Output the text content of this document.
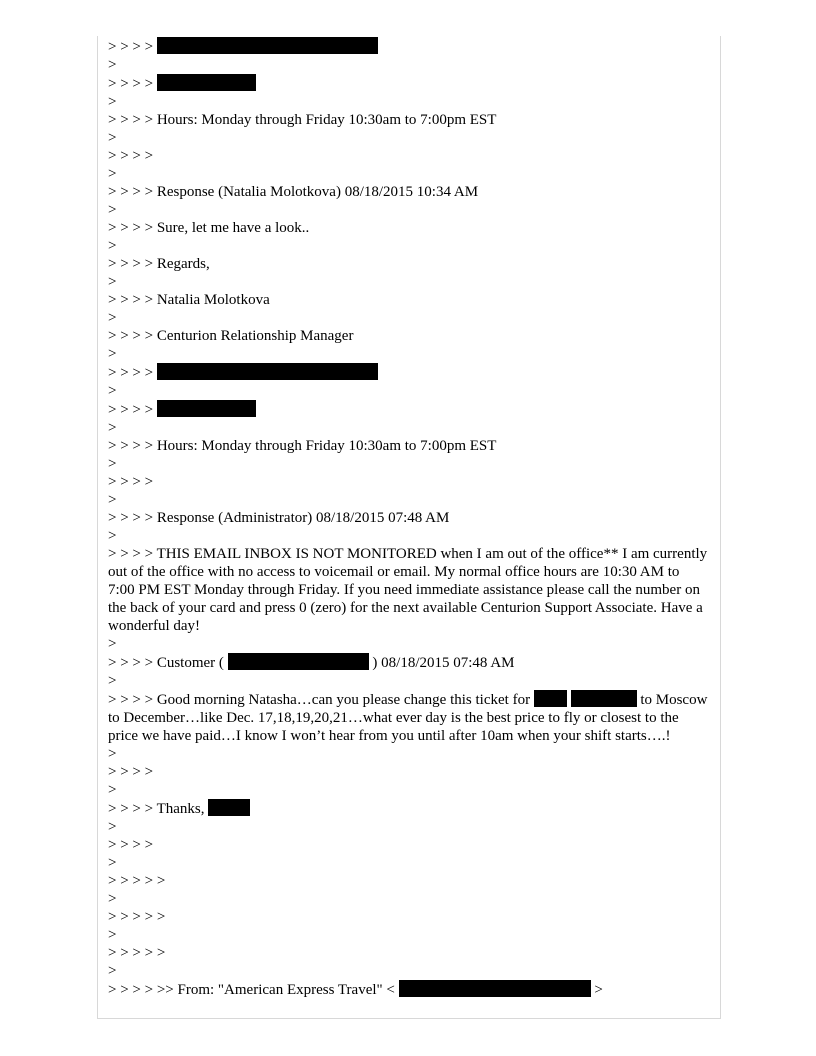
> > > >
>
> > > >
>
> > > > Hours: Monday through Friday 10:30am to 7:00pm EST
>
> > > >
>
> > > > Response (Natalia Molotkova) 08/18/2015 10:34 AM
>
> > > > Sure, let me have a look..
>
> > > > Regards,
>
> > > > Natalia Molotkova
>
> > > > Centurion Relationship Manager
>
> > > >
>
> > > >
>
> > > > Hours: Monday through Friday 10:30am to 7:00pm EST
>
> > > >
>
> > > > Response (Administrator) 08/18/2015 07:48 AM
>
> > > > THIS EMAIL INBOX IS NOT MONITORED when I am out of the office** I am currently out of the office with no access to voicemail or email. My normal office hours are 10:30 AM to 7:00 PM EST Monday through Friday. If you need immediate assistance please call the number on the back of your card and press 0 (zero) for the next available Centurion Support Associate. Have a wonderful day!
>
> > > > Customer (	) 08/18/2015 07:48 AM
>
> > > > Good morning Natasha…can you please change this ticket for	to Moscow to December…like Dec. 17,18,19,20,21…what ever day is the best price to fly or closest to the price we have paid…I know I won’t hear from you until after 10am when your shift starts….!
>
> > > >
>
> > > > Thanks,
>
> > > >
>
> > > > >
>
> > > > >
>
> > > > >
>
> > > > >> From: "American Express Travel" <	>
